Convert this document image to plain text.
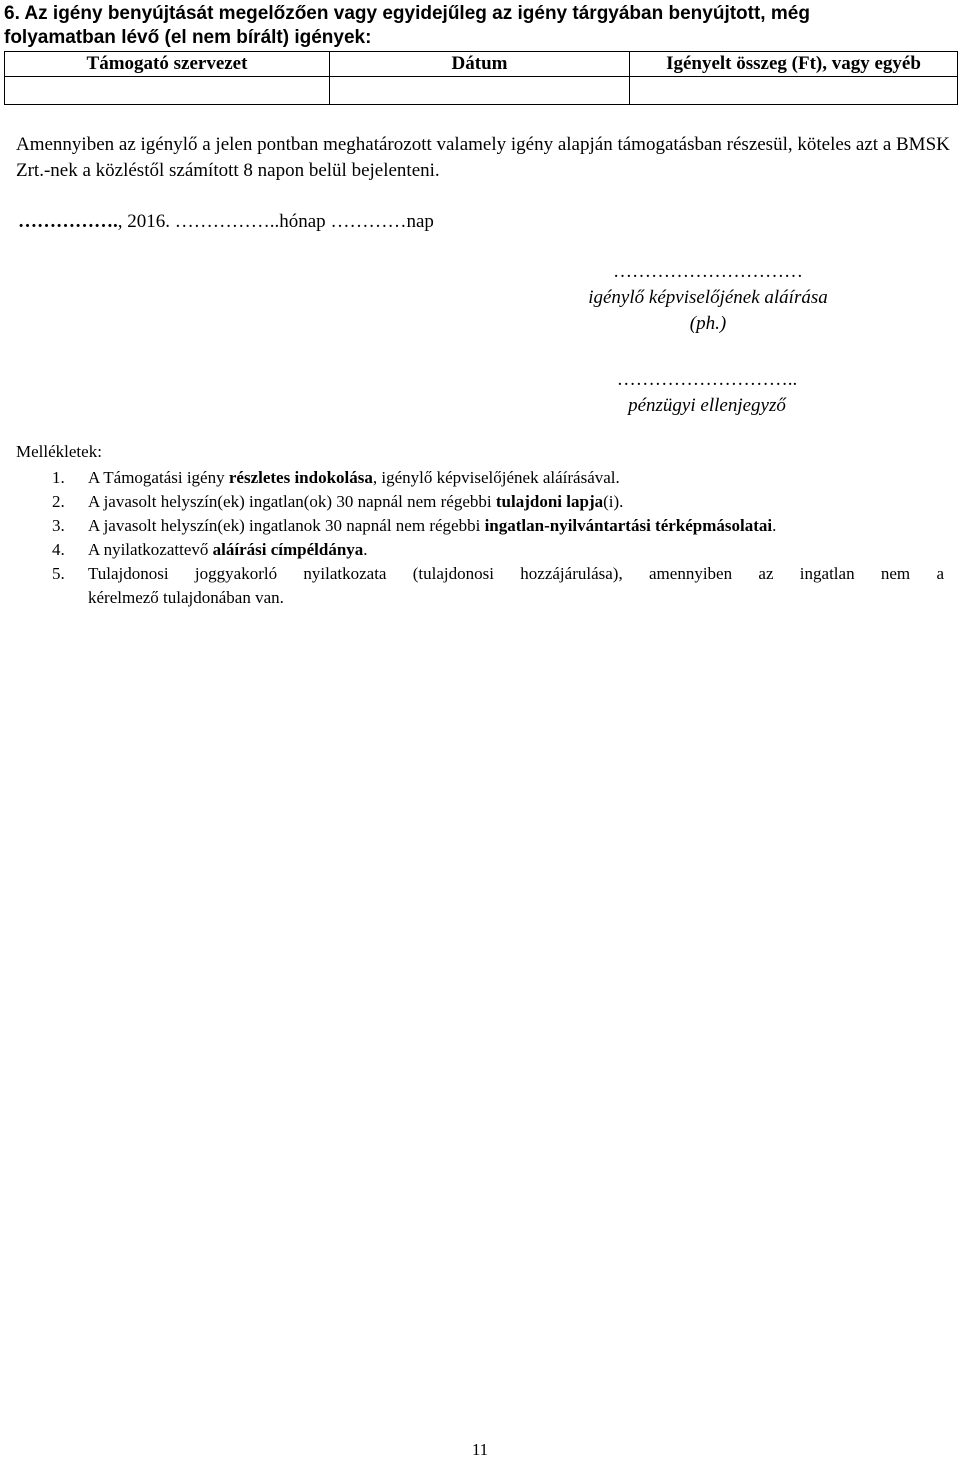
6. Az igény benyújtását megelőzően vagy egyidejűleg az igény tárgyában benyújtott, még
folyamatban lévő (el nem bírált) igények:
Támogató szervezet	Dátum	Igényelt összeg (Ft), vagy egyéb

Amennyiben az igénylő a jelen pontban meghatározott valamely igény alapján támogatásban részesül, köteles azt a BMSK Zrt.-nek a közléstől számított 8 napon belül bejelenteni.

……………., 2016. ……………..hónap …………nap

…………………………
igénylő képviselőjének aláírása
(ph.)
………………………..
pénzügyi ellenjegyző

Mellékletek:

1. A Támogatási igény részletes indokolása, igénylő képviselőjének aláírásával.
2. A javasolt helyszín(ek) ingatlan(ok) 30 napnál nem régebbi tulajdoni lapja(i).
3. A javasolt helyszín(ek) ingatlanok 30 napnál nem régebbi ingatlan-nyilvántartási térképmásolatai.
4. A nyilatkozattevő aláírási címpéldánya.
5. Tulajdonosi joggyakorló nyilatkozata (tulajdonosi hozzájárulása), amennyiben az ingatlan nem a
kérelmező tulajdonában van.

11
